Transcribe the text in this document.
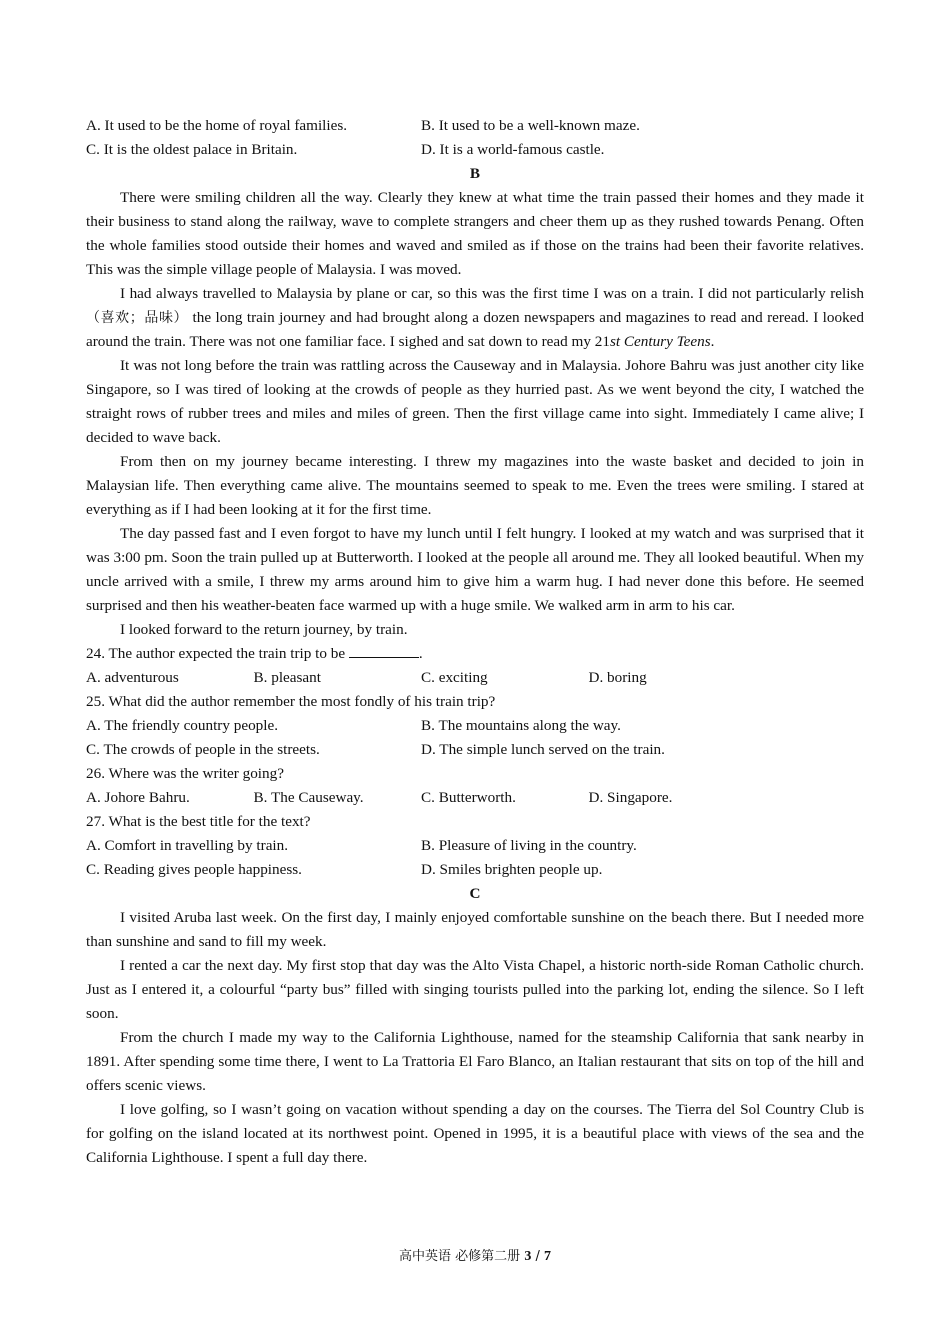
A. It used to be the home of royal families.	B. It used to be a well-known maze.
C. It is the oldest palace in Britain.	D. It is a world-famous castle.
B

There were smiling children all the way. Clearly they knew at what time the train passed their homes and they made it their business to stand along the railway, wave to complete strangers and cheer them up as they rushed towards Penang. Often the whole families stood outside their homes and waved and smiled as if those on the trains had been their favorite relatives. This was the simple village people of Malaysia. I was moved.

I had always travelled to Malaysia by plane or car, so this was the first time I was on a train. I did not particularly relish（喜欢；品味） the long train journey and had brought along a dozen newspapers and magazines to read and reread. I looked around the train. There was not one familiar face. I sighed and sat down to read my 21st Century Teens.

It was not long before the train was rattling across the Causeway and in Malaysia. Johore Bahru was just another city like Singapore, so I was tired of looking at the crowds of people as they hurried past. As we went beyond the city, I watched the straight rows of rubber trees and miles and miles of green. Then the first village came into sight. Immediately I came alive; I decided to wave back.

From then on my journey became interesting. I threw my magazines into the waste basket and decided to join in Malaysian life. Then everything came alive. The mountains seemed to speak to me. Even the trees were smiling. I stared at everything as if I had been looking at it for the first time.

The day passed fast and I even forgot to have my lunch until I felt hungry. I looked at my watch and was surprised that it was 3:00 pm. Soon the train pulled up at Butterworth. I looked at the people all around me. They all looked beautiful. When my uncle arrived with a smile, I threw my arms around him to give him a warm hug. I had never done this before. He seemed surprised and then his weather-beaten face warmed up with a huge smile. We walked arm in arm to his car.

I looked forward to the return journey, by train.

24. The author expected the train trip to be	.

A. adventurous	B. pleasant	C. exciting	D. boring

25. What did the author remember the most fondly of his train trip?

A. The friendly country people.	B. The mountains along the way.
C. The crowds of people in the streets.	D. The simple lunch served on the train.

26. Where was the writer going?

A. Johore Bahru.	B. The Causeway.	C. Butterworth.	D. Singapore.

27. What is the best title for the text?

A. Comfort in travelling by train.	B. Pleasure of living in the country.
C. Reading gives people happiness.	D. Smiles brighten people up.
C

I visited Aruba last week. On the first day, I mainly enjoyed comfortable sunshine on the beach there. But I needed more than sunshine and sand to fill my week.

I rented a car the next day. My first stop that day was the Alto Vista Chapel, a historic north-side Roman Catholic church. Just as I entered it, a colourful “party bus” filled with singing tourists pulled into the parking lot, ending the silence. So I left soon.

From the church I made my way to the California Lighthouse, named for the steamship California that sank nearby in 1891. After spending some time there, I went to La Trattoria El Faro Blanco, an Italian restaurant that sits on top of the hill and offers scenic views.

I love golfing, so I wasn’t going on vacation without spending a day on the courses. The Tierra del Sol Country Club is for golfing on the island located at its northwest point. Opened in 1995, it is a beautiful place with views of the sea and the California Lighthouse. I spent a full day there.

高中英语 必修第二册 3 / 7
